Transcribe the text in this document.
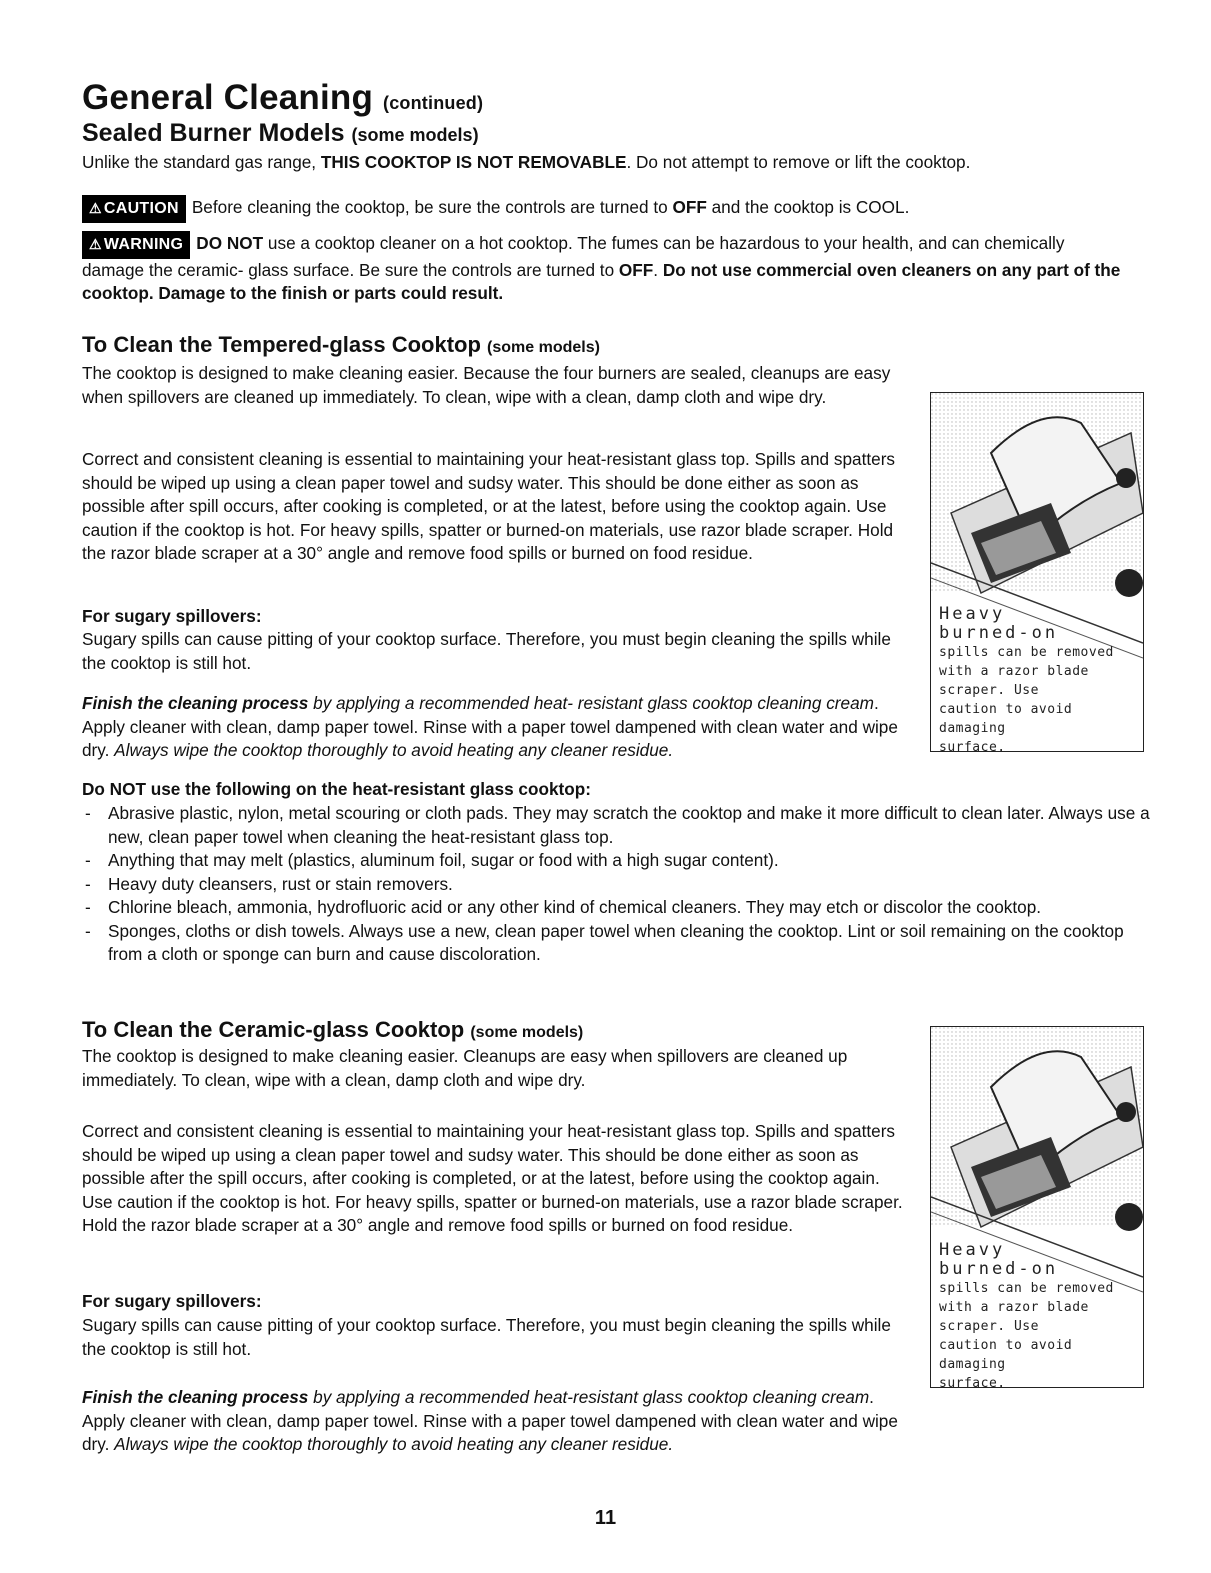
General Cleaning (continued)
Sealed Burner Models (some models)

Unlike the standard gas range, THIS COOKTOP IS NOT REMOVABLE. Do not attempt to remove or lift the cooktop.

⚠ CAUTION Before cleaning the cooktop, be sure the controls are turned to OFF and the cooktop is COOL.

⚠ WARNING DO NOT use a cooktop cleaner on a hot cooktop. The fumes can be hazardous to your health, and can chemically damage the ceramic- glass surface. Be sure the controls are turned to OFF. Do not use commercial oven cleaners on any part of the cooktop. Damage to the finish or parts could result.

To Clean the Tempered-glass Cooktop (some models)

The cooktop is designed to make cleaning easier. Because the four burners are sealed, cleanups are easy when spillovers are cleaned up immediately. To clean, wipe with a clean, damp cloth and wipe dry.

Correct and consistent cleaning is essential to maintaining your heat-resistant glass top. Spills and spatters should be wiped up using a clean paper towel and sudsy water. This should be done either as soon as possible after spill occurs, after cooking is completed, or at the latest, before using the cooktop again. Use caution if the cooktop is hot. For heavy spills, spatter or burned-on materials, use razor blade scraper. Hold the razor blade scraper at a 30° angle and remove food spills or burned on food residue.

For sugary spillovers:

Sugary spills can cause pitting of your cooktop surface. Therefore, you must begin cleaning the spills while the cooktop is still hot.

Finish the cleaning process by applying a recommended heat- resistant glass cooktop cleaning cream. Apply cleaner with clean, damp paper towel. Rinse with a paper towel dampened with clean water and wipe dry. Always wipe the cooktop thoroughly to avoid heating any cleaner residue.

Do NOT use the following on the heat-resistant glass cooktop:

- Abrasive plastic, nylon, metal scouring or cloth pads. They may scratch the cooktop and make it more difficult to clean later. Always use a new, clean paper towel when cleaning the heat-resistant glass top.
- Anything that may melt (plastics, aluminum foil, sugar or food with a high sugar content).
- Heavy duty cleansers, rust or stain removers.
- Chlorine bleach, ammonia, hydrofluoric acid or any other kind of chemical cleaners. They may etch or discolor the cooktop.
- Sponges, cloths or dish towels. Always use a new, clean paper towel when cleaning the cooktop. Lint or soil remaining on the cooktop from a cloth or sponge can burn and cause discoloration.
Heavy
burned-on
spills can be removed
with a razor blade scraper. Use
caution to avoid damaging
surface.
To Clean the Ceramic-glass Cooktop (some models)

The cooktop is designed to make cleaning easier. Cleanups are easy when spillovers are cleaned up immediately. To clean, wipe with a clean, damp cloth and wipe dry.

Correct and consistent cleaning is essential to maintaining your heat-resistant glass top. Spills and spatters should be wiped up using a clean paper towel and sudsy water. This should be done either as soon as possible after the spill occurs, after cooking is completed, or at the latest, before using the cooktop again. Use caution if the cooktop is hot. For heavy spills, spatter or burned-on materials, use a razor blade scraper. Hold the razor blade scraper at a 30° angle and remove food spills or burned on food residue.

For sugary spillovers:

Sugary spills can cause pitting of your cooktop surface. Therefore, you must begin cleaning the spills while the cooktop is still hot.

Finish the cleaning process by applying a recommended heat-resistant glass cooktop cleaning cream. Apply cleaner with clean, damp paper towel. Rinse with a paper towel dampened with clean water and wipe dry. Always wipe the cooktop thoroughly to avoid heating any cleaner residue.

Heavy
burned-on
spills can be removed
with a razor blade scraper. Use
caution to avoid damaging
surface.
11
